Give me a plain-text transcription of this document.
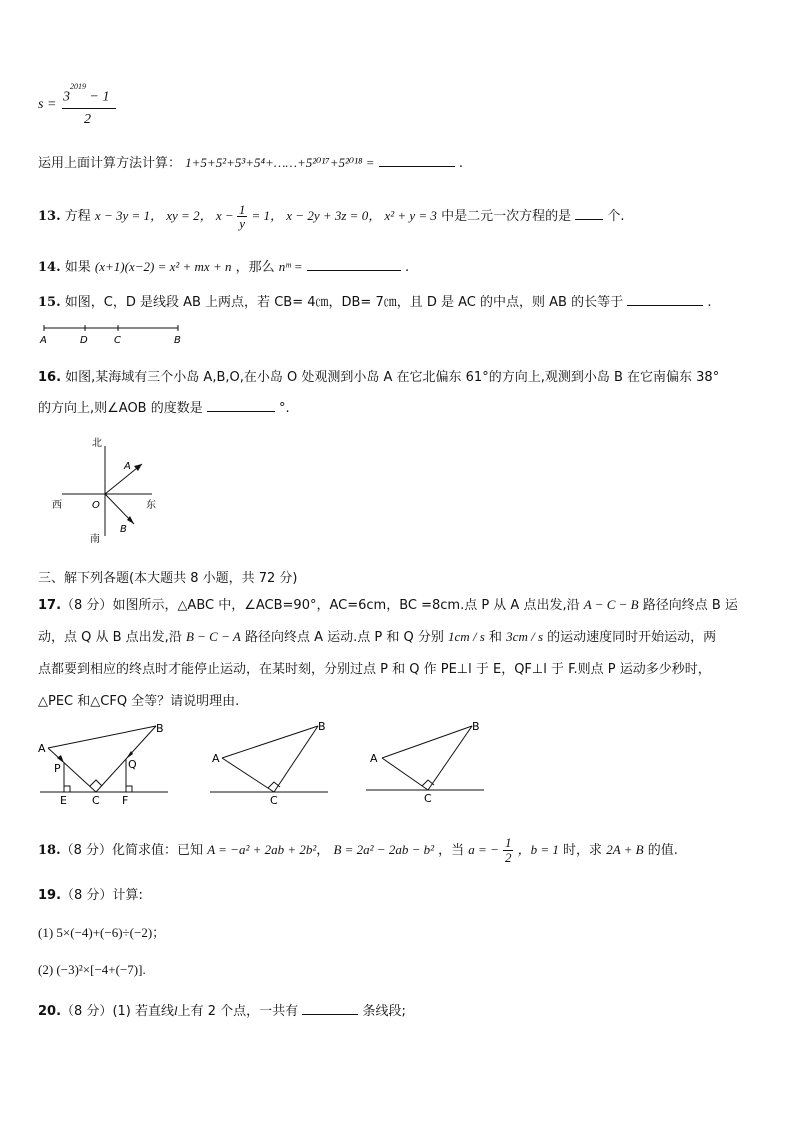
$s = 3^{2019} - 1$
2
运用上面计算方法计算： 1+5+5²+5³+5⁴+……+5²⁰¹⁷+5²⁰¹⁸ =	.
13. 方程 x − 3y = 1， xy = 2， $x - \frac{1}{y} = 1$， x − 2y + 3z = 0， x² + y = 3 中是二元一次方程的是	个.
14. 如果 (x+1)(x−2) = x² + mx + n ，那么 nᵐ =	.
15. 如图，C，D 是线段 AB 上两点，若 CB= 4㎝，DB= 7㎝，且 D 是 AC 的中点，则 AB 的长等于	.
A	D	C	B
16. 如图,某海域有三个小岛 A,B,O,在小岛 O 处观测到小岛 A 在它北偏东 61°的方向上,观测到小岛 B 在它南偏东 38°
的方向上,则∠AOB 的度数是	°.
北
南
西	东
O
A
B
三、解下列各题(本大题共 8 小题，共 72 分)
17.（8 分）如图所示，△ABC 中，∠ACB=90°，AC=6cm，BC =8cm.点 P 从 A 点出发,沿 A − C − B 路径向终点 B 运
动，点 Q 从 B 点出发,沿 B − C − A 路径向终点 A 运动.点 P 和 Q 分别 1cm / s 和 3cm / s 的运动速度同时开始运动，两
点都要到相应的终点时才能停止运动，在某时刻，分别过点 P 和 Q 作 PE⊥l 于 E，QF⊥l 于 F.则点 P 运动多少秒时，
△PEC 和△CFQ 全等？请说明理由.
A
B
P	Q
E C F
A
B
C
A
B
C
18.（8 分）化简求值：已知 A = −a² + 2ab + 2b²， B = 2a² − 2ab − b² ，当 a = − $\frac{1}{2}$ ，b = 1 时，求 2A + B 的值.
19.（8 分）计算:
(1) 5×(−4)+(−6)÷(−2)；
(2) (−3)²×[−4+(−7)].
20.（8 分）(1) 若直线l上有 2 个点，一共有	条线段;
